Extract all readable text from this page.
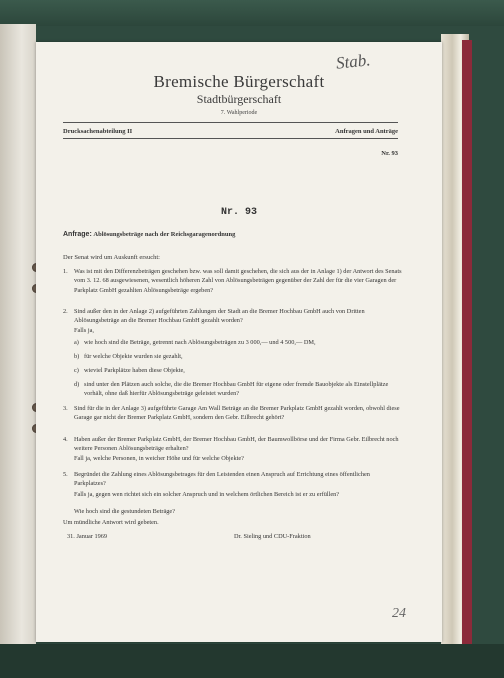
Stab.
Bremische Bürgerschaft
Stadtbürgerschaft
7. Wahlperiode
Drucksachenabteilung II	Anfragen und Anträge
Nr. 93
Nr. 93
Anfrage: Ablösungsbeträge nach der Reichsgaragenordnung
Der Senat wird um Auskunft ersucht:
1. Was ist mit den Differenzbeträgen geschehen bzw. was soll damit geschehen, die sich aus der in Anlage 1) der Antwort des Senats vom 3. 12. 68 ausgewiesenen, wesentlich höheren Zahl von Ablösungsbeträgen gegenüber der Zahl der für die vier Garagen der Parkplatz GmbH gezahlten Ablösungsbeträge ergeben?
2. Sind außer den in der Anlage 2) aufgeführten Zahlungen der Stadt an die Bremer Hochbau GmbH auch von Dritten Ablösungsbeträge an die Bremer Hochbau GmbH gezahlt worden?
Falls ja,
a) wie hoch sind die Beträge, getrennt nach Ablösungsbeträgen zu 3 000,— und 4 500,— DM,
b) für welche Objekte wurden sie gezahlt,
c) wieviel Parkplätze haben diese Objekte,
d) sind unter den Plätzen auch solche, die die Bremer Hochbau GmbH für eigene oder fremde Bauobjekte als Einstellplätze vorhält, ohne daß hierfür Ablösungsbeträge geleistet wurden?
3. Sind für die in der Anlage 3) aufgeführte Garage Am Wall Beträge an die Bremer Parkplatz GmbH gezahlt worden, obwohl diese Garage gar nicht der Bremer Parkplatz GmbH, sondern den Gebr. Eilbrecht gehört?
4. Haben außer der Bremer Parkplatz GmbH, der Bremer Hochbau GmbH, der Baumwollbörse und der Firma Gebr. Eilbrecht noch weitere Personen Ablösungsbeträge erhalten?
Fall ja, welche Personen, in weicher Höhe und für welche Objekte?
5. Begründet die Zahlung eines Ablösungsbetrages für den Leistenden einen Anspruch auf Errichtung eines öffentlichen Parkplatzes?
Falls ja, gegen wen richtet sich ein solcher Anspruch und in welchem örtlichen Bereich ist er zu erfüllen?
Um mündliche Antwort wird gebeten.
Wie hoch sind die gestundeten Beträge?
31. Januar 1969	Dr. Sieling und CDU-Fraktion
24
